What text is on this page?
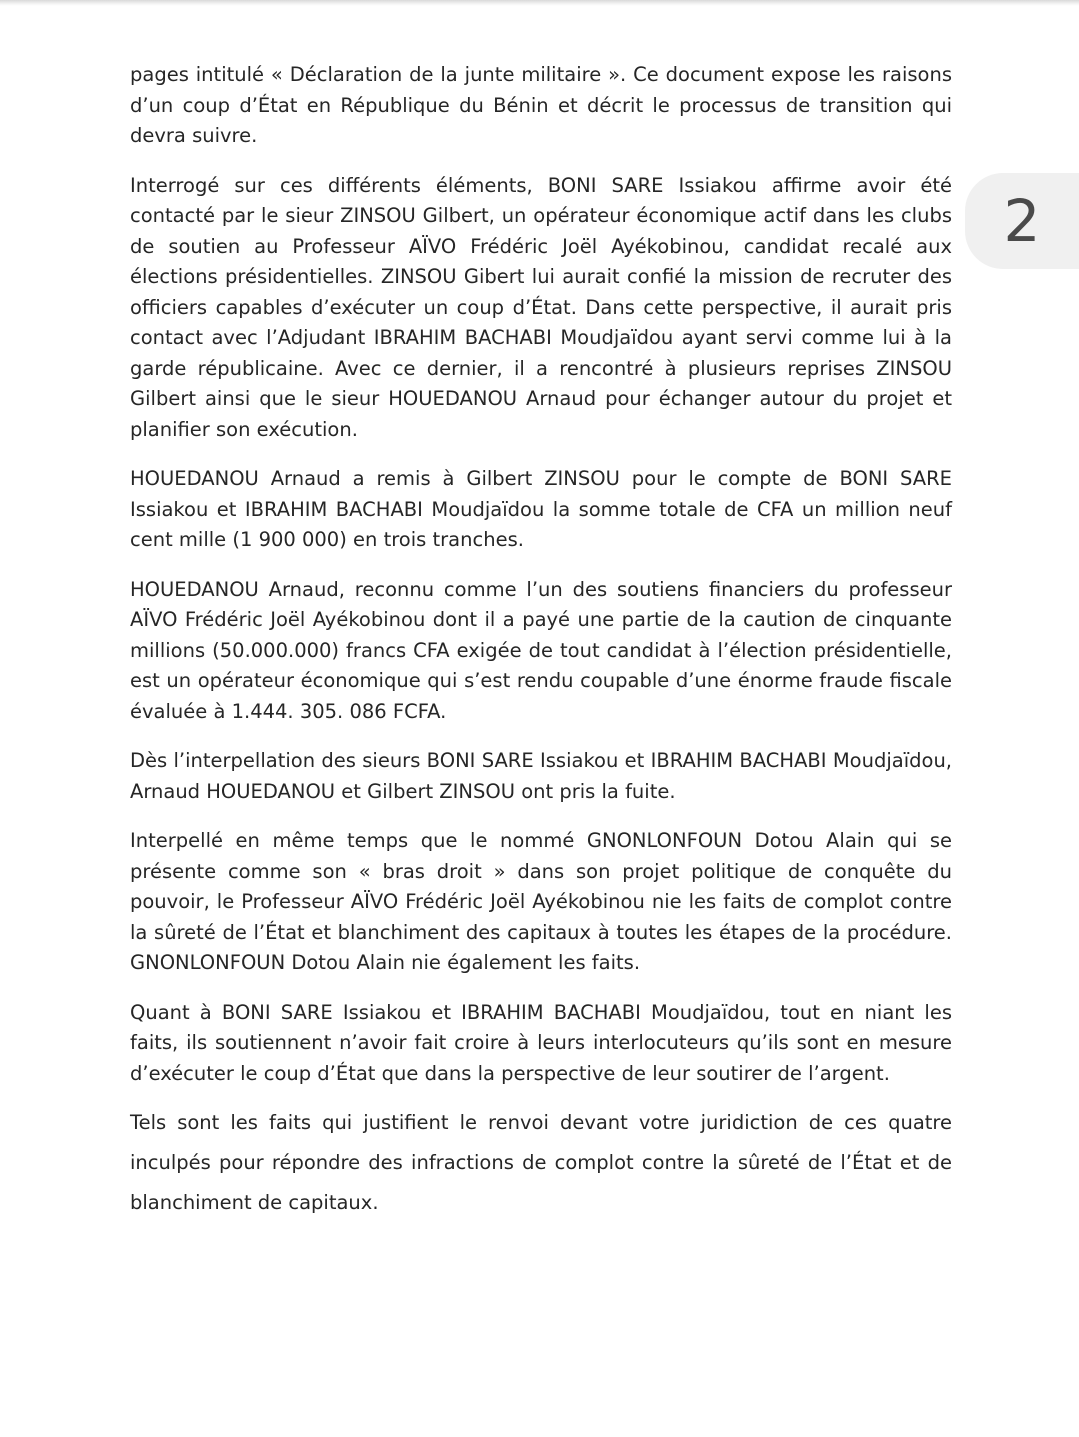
pages intitulé « Déclaration de la junte militaire ». Ce document expose les raisons d’un coup d’État en République du Bénin et décrit le processus de transition qui devra suivre.

Interrogé sur ces différents éléments, BONI SARE Issiakou affirme avoir été contacté par le sieur ZINSOU Gilbert, un opérateur économique actif dans les clubs de soutien au Professeur AÏVO Frédéric Joël Ayékobinou, candidat recalé aux élections présidentielles. ZINSOU Gibert lui aurait confié la mission de recruter des officiers capables d’exécuter un coup d’État. Dans cette perspective, il aurait pris contact avec l’Adjudant IBRAHIM BACHABI Moudjaïdou ayant servi comme lui à la garde républicaine. Avec ce dernier, il a rencontré à plusieurs reprises ZINSOU Gilbert ainsi que le sieur HOUEDANOU Arnaud pour échanger autour du projet et planifier son exécution.

HOUEDANOU Arnaud a remis à Gilbert ZINSOU pour le compte de BONI SARE Issiakou et IBRAHIM BACHABI Moudjaïdou la somme totale de CFA un million neuf cent mille (1 900 000) en trois tranches.

HOUEDANOU Arnaud, reconnu comme l’un des soutiens financiers du professeur AÏVO Frédéric Joël Ayékobinou dont il a payé une partie de la caution de cinquante millions (50.000.000) francs CFA exigée de tout candidat à l’élection présidentielle, est un opérateur économique qui s’est rendu coupable d’une énorme fraude fiscale évaluée à 1.444. 305. 086 FCFA.

Dès l’interpellation des sieurs BONI SARE Issiakou et IBRAHIM BACHABI Moudjaïdou, Arnaud HOUEDANOU et Gilbert ZINSOU ont pris la fuite.

Interpellé en même temps que le nommé GNONLONFOUN Dotou Alain qui se présente comme son « bras droit » dans son projet politique de conquête du pouvoir, le Professeur AÏVO Frédéric Joël Ayékobinou nie les faits de complot contre la sûreté de l’État et blanchiment des capitaux à toutes les étapes de la procédure. GNONLONFOUN Dotou Alain nie également les faits.

Quant à BONI SARE Issiakou et IBRAHIM BACHABI Moudjaïdou, tout en niant les faits, ils soutiennent n’avoir fait croire à leurs interlocuteurs qu’ils sont en mesure d’exécuter le coup d’État que dans la perspective de leur soutirer de l’argent.

Tels sont les faits qui justifient le renvoi devant votre juridiction de ces quatre inculpés pour répondre des infractions de complot contre la sûreté de l’État et de blanchiment de capitaux.

2
